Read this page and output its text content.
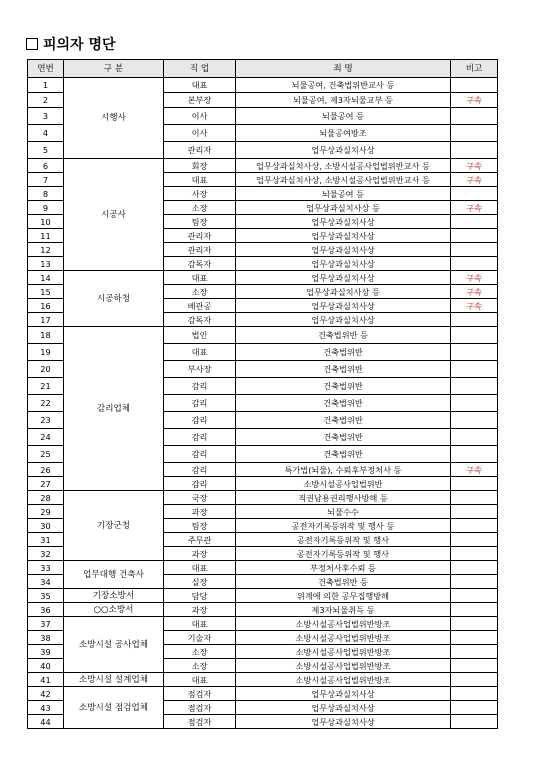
피의자 명단
연번	구 분	직 업	죄 명	비고
1	시행사	대표	뇌물공여, 건축법위반교사 등	
2		본부장	뇌물공여, 제3자뇌물교부 등	구속
3		이사	뇌물공여 등	
4		이사	뇌물공여방조	
5		관리자	업무상과실치사상	
6	시공사	회장	업무상과실치사상, 소방시설공사업법위반교사 등	구속
7		대표	업무상과실치사상, 소방시설공사업법위반교사 등	구속
8		사장	뇌물공여 등	
9		소장	업무상과실치사상 등	구속
10		팀장	업무상과실치사상	
11		관리자	업무상과실치사상	
12		관리자	업무상과실치사상	
13		감독자	업무상과실치사상	
14	시공하청	대표	업무상과실치사상	구속
15		소장	업무상과실치사상 등	구속
16		배관공	업무상과실치사상	구속
17		감독자	업무상과실치사상	
18	감리업체	법인	건축법위반 등	
19		대표	건축법위반	
20		부사장	건축법위반	
21		감리	건축법위반	
22		감리	건축법위반	
23		감리	건축법위반	
24		감리	건축법위반	
25		감리	건축법위반	
26		감리	특가법(뇌물), 수뢰후부정처사 등	구속
27		감리	소방시설공사업법위반	
28	기장군청	국장	직권남용권리행사방해 등	
29		과장	뇌물수수	
30		팀장	공전자기록등위작 및 행사 등	
31		주무관	공전자기록등위작 및 행사	
32		과장	공전자기록등위작 및 행사	
33	업무대행 건축사	대표	부정처사후수뢰 등	
34		실장	건축법위반 등	
35	기장소방서	담당	위계에 의한 공무집행방해	
36	○○소방서	과장	제3자뇌물취득 등	
37	소방시설 공사업체	대표	소방시설공사업법위반방조	
38		기술자	소방시설공사업법위반방조	
39		소장	소방시설공사업법위반방조	
40		소장	소방시설공사업법위반방조	
41	소방시설 설계업체	대표	소방시설공사업법위반방조	
42	소방시설 점검업체	점검자	업무상과실치사상	
43		점검자	업무상과실치사상	
44		점검자	업무상과실치사상	
